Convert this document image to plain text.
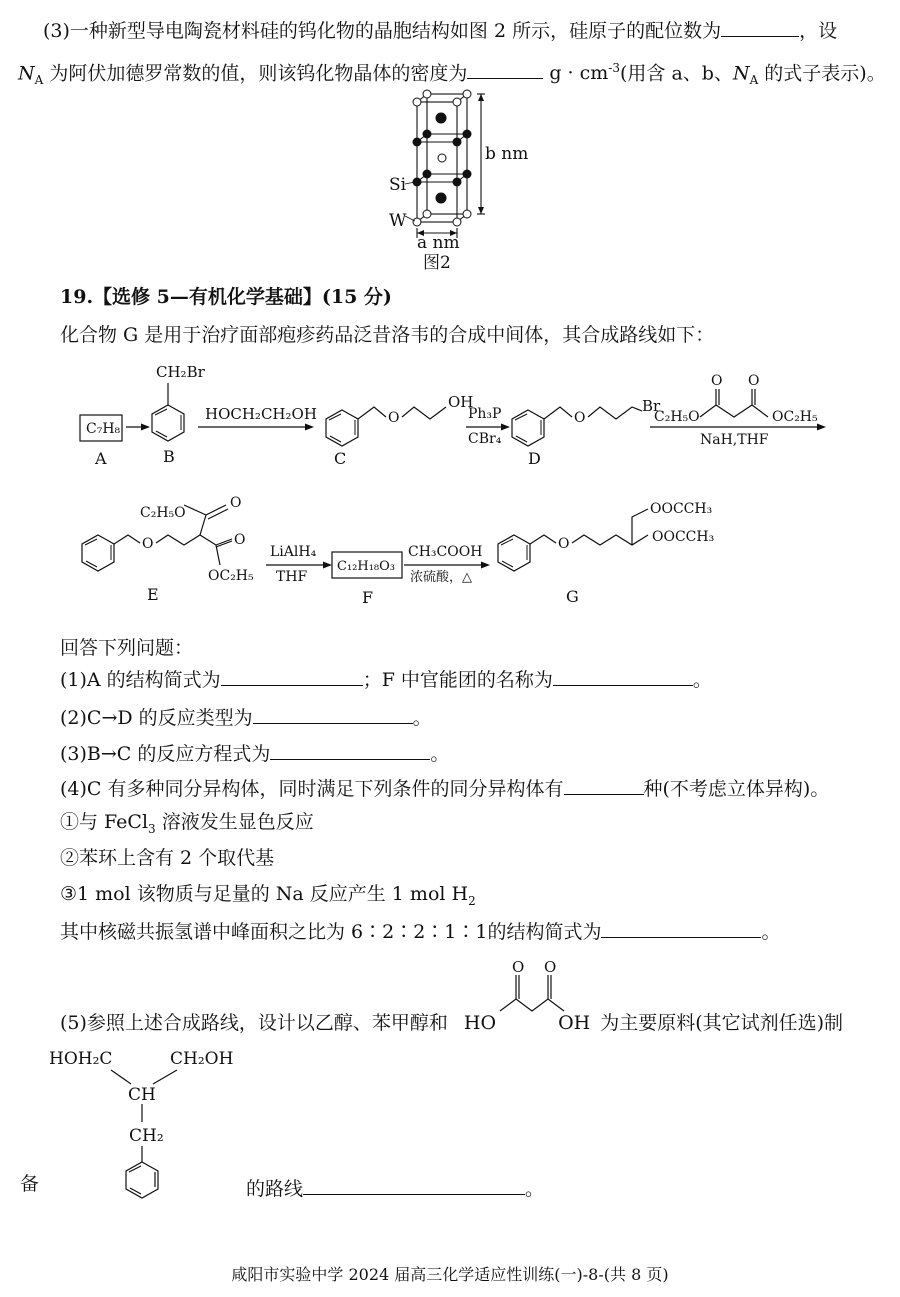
(3)一种新型导电陶瓷材料硅的钨化物的晶胞结构如图 2 所示，硅原子的配位数为	，设
$N_A$ 为阿伏加德罗常数的值，则该钨化物晶体的密度为	$g \cdot cm^{-3}$(用含 a、b、$N_A$ 的式子表示)。
b nm
Si
W
a nm
图2
19.【选修 5—有机化学基础】(15 分)
化合物 G 是用于治疗面部疱疹药品泛昔洛韦的合成中间体，其合成路线如下：
C₇H₈
A
CH₂Br
B
HOCH₂CH₂OH	O
OH
C
Ph₃P
CBr₄
O
Br
D
C₂H₅O	OC₂H₅
O O
NaH,THF
C₂H₅O
O
O
OC₂H₅
O
E
LiAlH₄
THF
C₁₂H₁₈O₃
F
CH₃COOH
浓硫酸，△
O
OOCCH₃
OOCCH₃
G
回答下列问题：
(1)A 的结构简式为	；F 中官能团的名称为	。
(2)C→D 的反应类型为	。
(3)B→C 的反应方程式为	。
(4)C 有多种同分异构体，同时满足下列条件的同分异构体有	种(不考虑立体异构)。
①与 FeCl$_3$ 溶液发生显色反应
②苯环上含有 2 个取代基
③1 mol 该物质与足量的 Na 反应产生 1 mol $H_2$
其中核磁共振氢谱中峰面积之比为 6∶2∶2∶1∶1的结构简式为	。
O O
(5)参照上述合成路线，设计以乙醇、苯甲醇和 HO	OH 为主要原料(其它试剂任选)制
HOH₂C	CH₂OH
CH
CH₂
备	的路线	。
咸阳市实验中学 2024 届高三化学适应性训练(一)-8-(共 8 页)
